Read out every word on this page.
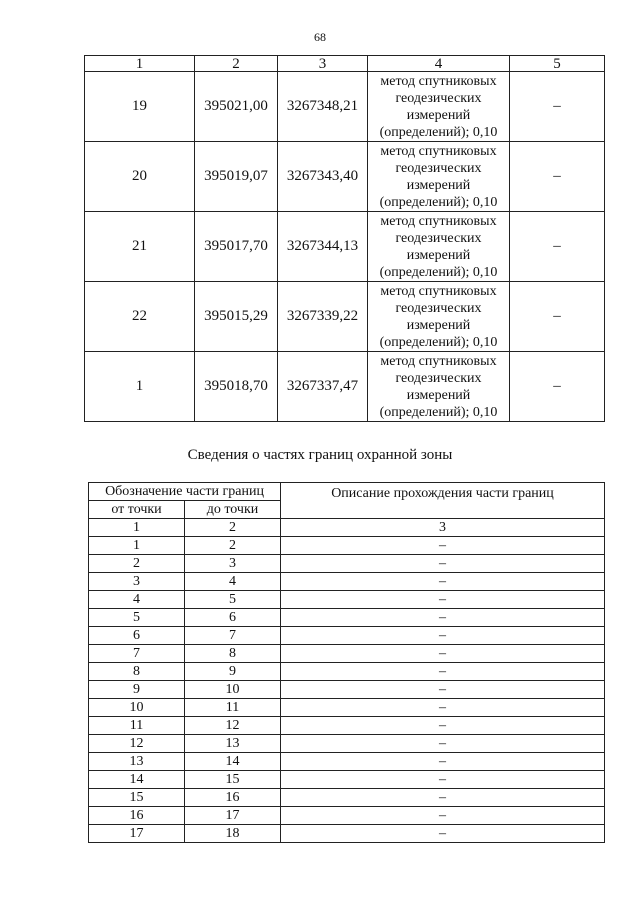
68
1	2	3	4	5
19	395021,00	3267348,21	метод спутниковых
геодезических
измерений
(определений); 0,10	–
20	395019,07	3267343,40	метод спутниковых
геодезических
измерений
(определений); 0,10	–
21	395017,70	3267344,13	метод спутниковых
геодезических
измерений
(определений); 0,10	–
22	395015,29	3267339,22	метод спутниковых
геодезических
измерений
(определений); 0,10	–
1	395018,70	3267337,47	метод спутниковых
геодезических
измерений
(определений); 0,10	–
Сведения о частях границ охранной зоны
Обозначение части границ		Описание прохождения части границ
от точки	до точки	
1	2	3
1	2	–
2	3	–
3	4	–
4	5	–
5	6	–
6	7	–
7	8	–
8	9	–
9	10	–
10	11	–
11	12	–
12	13	–
13	14	–
14	15	–
15	16	–
16	17	–
17	18	–
